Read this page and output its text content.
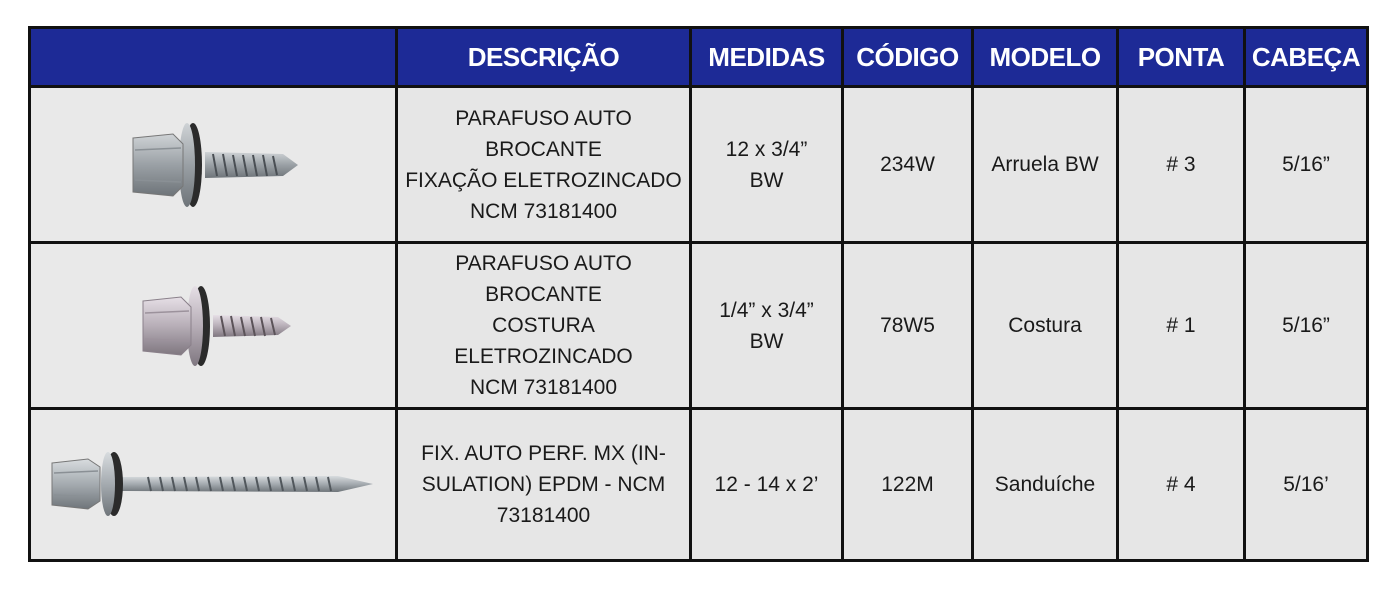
	DESCRIÇÃO	MEDIDAS	CÓDIGO	MODELO	PONTA	CABEÇA

	PARAFUSO AUTO BROCANTE
FIXAÇÃO ELETROZINCADO
NCM 73181400	12 x 3/4”
BW	234W	Arruela BW	# 3	5/16”

	PARAFUSO AUTO BROCANTE
COSTURA ELETROZINCADO
NCM 73181400	1/4” x 3/4”
BW	78W5	Costura	# 1	5/16”

	FIX. AUTO PERF. MX (IN-
SULATION) EPDM - NCM
73181400	12 - 14 x 2’	122M	Sanduíche	# 4	5/16’
